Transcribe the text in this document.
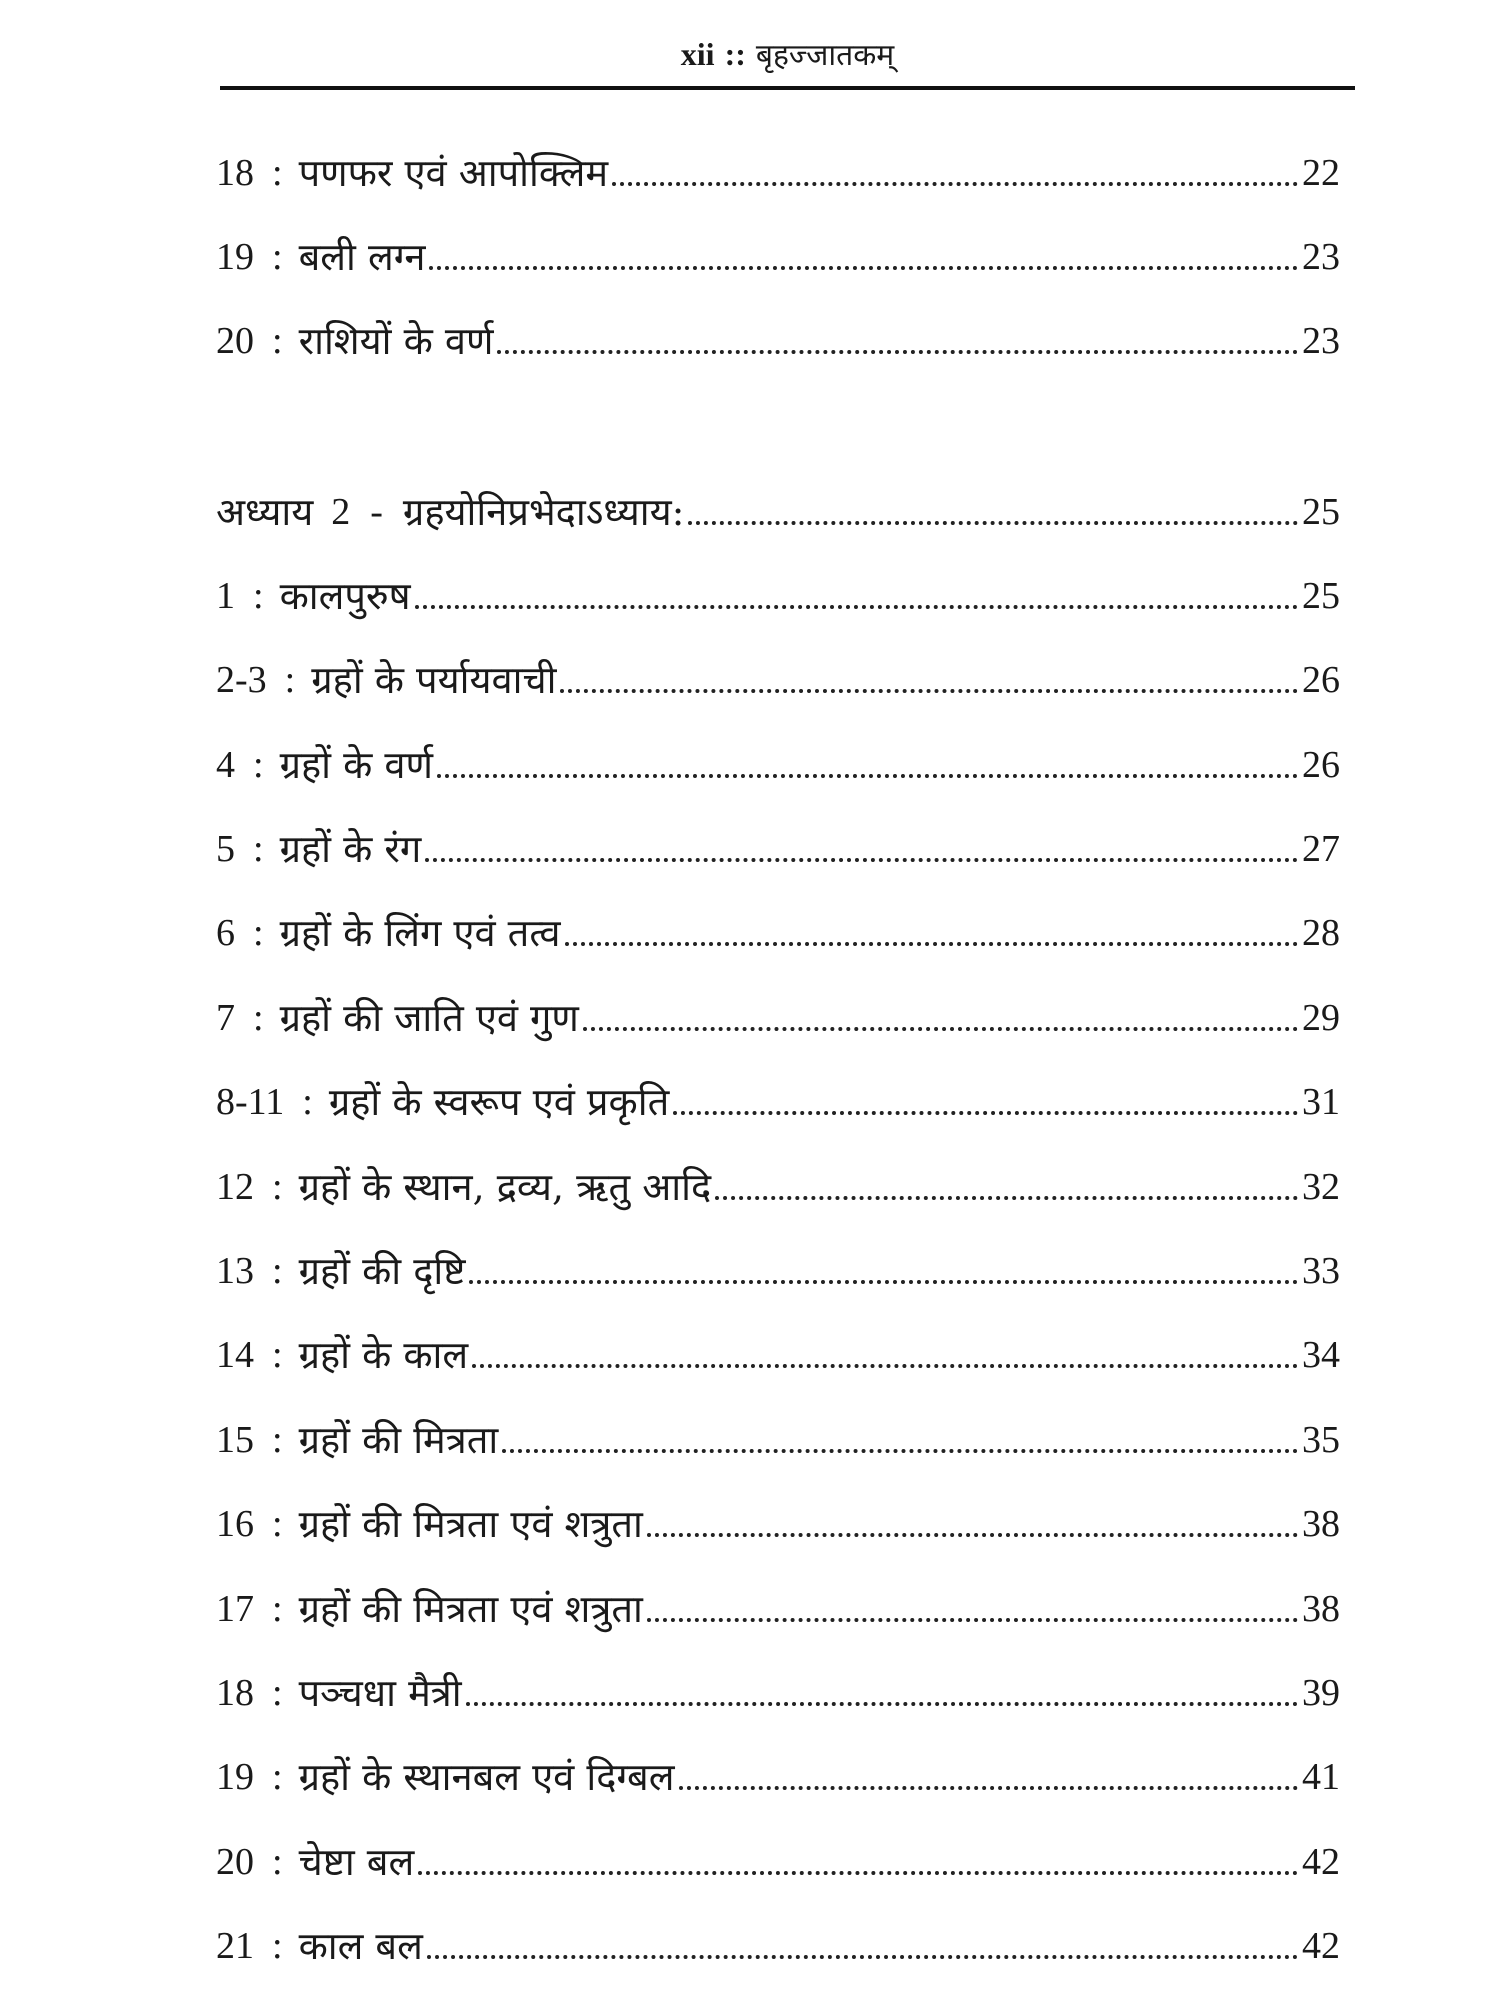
xii :: बृहज्जातकम्
18 : पणफर एवं आपोक्लिम	22
19 : बली लग्न	23
20 : राशियों के वर्ण	23
अध्याय 2 - ग्रहयोनिप्रभेदाऽध्याय:	25
1 : कालपुरुष	25
2-3 : ग्रहों के पर्यायवाची	26
4 : ग्रहों के वर्ण	26
5 : ग्रहों के रंग	27
6 : ग्रहों के लिंग एवं तत्व	28
7 : ग्रहों की जाति एवं गुण	29
8-11 : ग्रहों के स्वरूप एवं प्रकृति	31
12 : ग्रहों के स्थान, द्रव्य, ऋतु आदि	32
13 : ग्रहों की दृष्टि	33
14 : ग्रहों के काल	34
15 : ग्रहों की मित्रता	35
16 : ग्रहों की मित्रता एवं शत्रुता	38
17 : ग्रहों की मित्रता एवं शत्रुता	38
18 : पञ्चधा मैत्री	39
19 : ग्रहों के स्थानबल एवं दिग्बल	41
20 : चेष्टा बल	42
21 : काल बल	42
